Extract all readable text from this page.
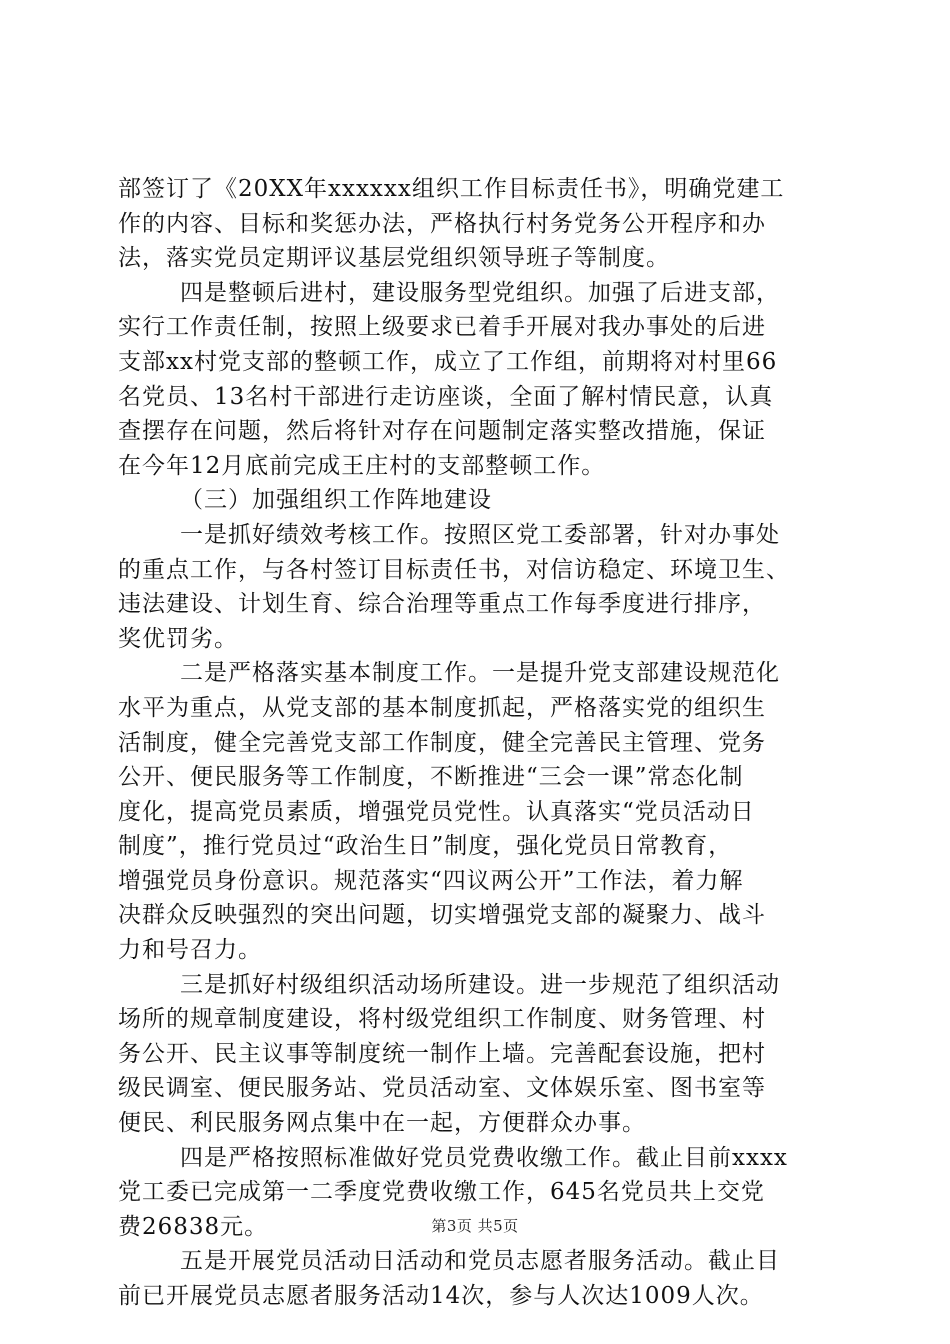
部签订了《20XX年xxxxxx组织工作目标责任书》，明确党建工
作的内容、目标和奖惩办法，严格执行村务党务公开程序和办
法，落实党员定期评议基层党组织领导班子等制度。
四是整顿后进村，建设服务型党组织。加强了后进支部，
实行工作责任制，按照上级要求已着手开展对我办事处的后进
支部xx村党支部的整顿工作，成立了工作组，前期将对村里66
名党员、13名村干部进行走访座谈，全面了解村情民意，认真
查摆存在问题，然后将针对存在问题制定落实整改措施，保证
在今年12月底前完成王庄村的支部整顿工作。
（三）加强组织工作阵地建设
一是抓好绩效考核工作。按照区党工委部署，针对办事处
的重点工作，与各村签订目标责任书，对信访稳定、环境卫生、
违法建设、计划生育、综合治理等重点工作每季度进行排序，
奖优罚劣。
二是严格落实基本制度工作。一是提升党支部建设规范化
水平为重点，从党支部的基本制度抓起，严格落实党的组织生
活制度，健全完善党支部工作制度，健全完善民主管理、党务
公开、便民服务等工作制度，不断推进“三会一课”常态化制
度化，提高党员素质，增强党员党性。认真落实“党员活动日
制度”，推行党员过“政治生日”制度，强化党员日常教育，
增强党员身份意识。规范落实“四议两公开”工作法，着力解
决群众反映强烈的突出问题，切实增强党支部的凝聚力、战斗
力和号召力。
三是抓好村级组织活动场所建设。进一步规范了组织活动
场所的规章制度建设，将村级党组织工作制度、财务管理、村
务公开、民主议事等制度统一制作上墙。完善配套设施，把村
级民调室、便民服务站、党员活动室、文体娱乐室、图书室等
便民、利民服务网点集中在一起，方便群众办事。
四是严格按照标准做好党员党费收缴工作。截止目前xxxx
党工委已完成第一二季度党费收缴工作，645名党员共上交党
费26838元。
五是开展党员活动日活动和党员志愿者服务活动。截止目
前已开展党员志愿者服务活动14次，参与人次达1009人次。
第3页 共5页
